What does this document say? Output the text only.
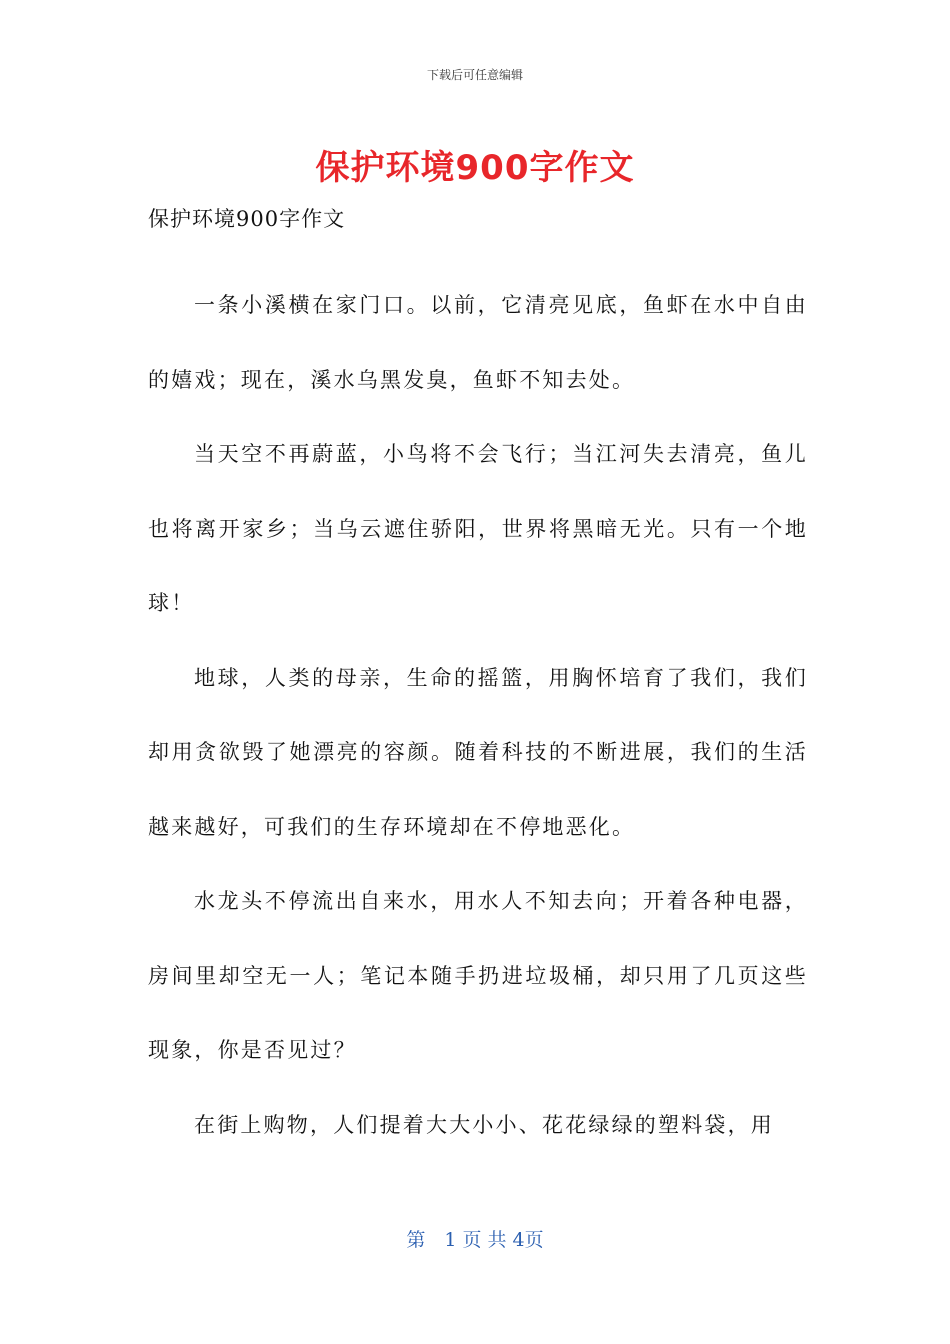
下载后可任意编辑
保护环境900字作文

保护环境900字作文

一条小溪横在家门口。以前，它清亮见底，鱼虾在水中自由的嬉戏；现在，溪水乌黑发臭，鱼虾不知去处。

当天空不再蔚蓝，小鸟将不会飞行；当江河失去清亮，鱼儿也将离开家乡；当乌云遮住骄阳，世界将黑暗无光。只有一个地球！

地球，人类的母亲，生命的摇篮，用胸怀培育了我们，我们却用贪欲毁了她漂亮的容颜。随着科技的不断进展，我们的生活越来越好，可我们的生存环境却在不停地恶化。

水龙头不停流出自来水，用水人不知去向；开着各种电器，房间里却空无一人；笔记本随手扔进垃圾桶，却只用了几页这些现象，你是否见过？

在街上购物，人们提着大大小小、花花绿绿的塑料袋，用

第　1 页 共 4页
